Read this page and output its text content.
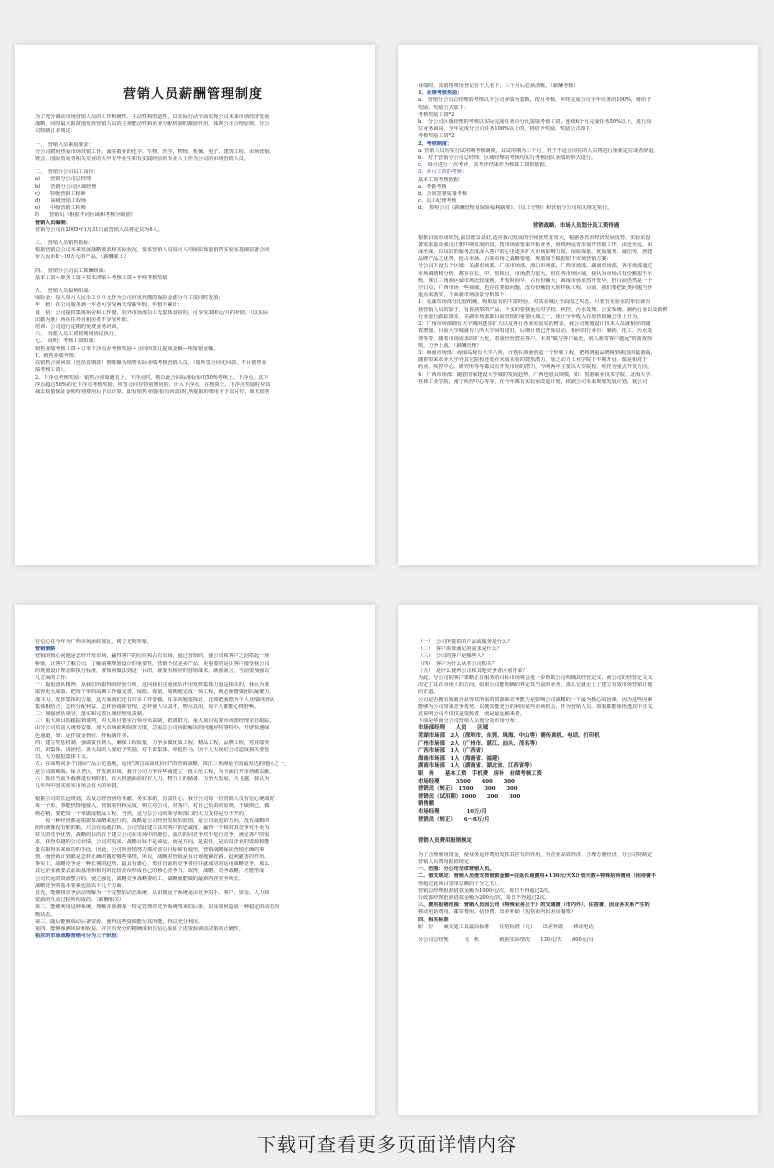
营销人员薪酬管理制度
为了充分调动市场营销人员的工作积极性、主动性和创造性，以实际行动全面实现公司未来市场经济发展
战略，同时最大限度地发挥营销人员的主观能动性和企业分配机制的激励作用，体现公平合理原则，分公
司特制订本规定：
一、　营销人员素质要求：
分公司聘用热爱市场营销工作、诚实敬业的化学、生物、医学、物理、机械、电子、建筑工程、市场营销、
财会、国际贸易等相关专业的大中专毕业生和有实践经验的专业人士作为公司的市场营销人员。
二、　营销分公司员工岗位：
a)　　营销分公司总经理
b)　　营销分公司区域经理
c)　　特级营销工程师
d)　　高级营销工程师
e)　　中级营销工程师
f)　　营销员（根据不同区域和考核分级别）
营销人员编制：
营销分公司在2005年1月31日前营销人员将定员为6人。
三、　营销人员销售指标：
根据营销总公司未来发展战略要求和实际状况，要求营销人员每月人均保质保量销售实验室基础装备合同
价人民币8～10万元的产品。（薪酬职工）
四、　营销分公司员工薪酬组成：
基本工资＋职务工资＋技术津贴＋考核工资＋年终考核奖励
五、　营销人员福利组成：
保险金：每人每月人民币２００元作为公司应该代缴的保险金部分与工资同时发放；
年　假：在公司服务满一年者可享受两天带薪年假，年假不累计；
食　宿：公司提供集体宿舍和工作餐，驻外市场部员工无集体食宿的，可享受300元/月的补助，（以实际
出勤为准）所在住外自租房者不享受补助。
培训：公司进行定期的免费业务培训。
六、　外派人员工资按期用协议执行。
七、　说明：考核工资组成：
销售业绩考核工资＋订单下浮点差考核奖励＋合同的签订提成金额—所报销金额。
1、销售业绩考核：
以销售合同回款（包括首期款）到帐额为销售实际业绩考核营销人员，（如所签合同无回款，不计销售业
绩考核工资）。
2、下浮点考核奖励：销售合同如遇有上、下浮点时，则以此合同标准标价的50%考核上、下浮点，其下
浮点超过50%的无下浮点考核奖励，所签合同有特别费用的，计入下浮点，在核算上、下浮点奖励时应该
减去质量保证金和特别费用后予以计算。即有销售业绩(指有回款)时,所提取的费用才予以兑付，如无销售
业绩时，其销售费用登记在个人名下，三个月后必须清帐。（薪酬考核）
1、业绩考核奖励：
a.　营销分公司总经理的考核以全公司业绩为基数，按月考核，年终完成公司全年任务的100%，将给予
奖励，奖励公式如下：
考核奖励工资*2
b.　分公司区域经理的考核以实际完成任务百分比提取考核工资，连续6个月完成任务50%以上，进行岗
位业务调岗，全年完成分公司任务100%以上的，将给予奖励，奖励公式如下：
考核奖励工资*2
2、考核制度：
a. 营销人员均实行试用期考核制度，其试用期为三个月，对于不适合岗位的人员将进行重新定位或者辞退。
b.　对于营销分公司总经理、区域经理的考核均实行考核团队业绩的形式进行。
c.　每月进行一次考评，其考评结果作为核算工资的依据。
3、本月工资的考核：
基本工资考核依据：
a、考勤考核
b、合同签署质量考核
c、员工纪律考核
d、　参照公司《薪酬管理及保险福利制度》、《员工守则》和营销分公司相关规定执行。
营销战略、市场人员划分及工资待遇
根据目前市场状况,前景愿景良好,适应我司发展的空间优势非常大，根据各省市经济发展优势、实验室设
备需求量及我司正朝中期发展阶段，按市场需要来开拓业务，围绕网运省市展开营销工作，由近至远，由
浅至深，以良好的服务态度深入客户的心里逐步扩大市场影响力度，保质保量、优质服务、诚信等，创建
品牌产品之优势，抢占市场，占领市场之战略要地。规划如下根据如下市场营销方案：
分公司下设五个区域：芜湖市场部、广东市场部、海口市场部、广西市场部、湖南市场部，各市场部通过
市场调研和分析，都存在长、中、短项目，市场潜力很大，但在各市场区域，我认为市场占有份额很不平
衡，珠江三角洲区域市场比较成熟，开发时间早，占有份额大；海南市场虽然开发早，但目前仍然是一个
空白点；广西市场一些领域，也存在类似问题，没有份额较大的样板工程，目前，我们要把此类问题当作
重点来落实，下面就市场前景分析如下：
1：芜湖市场部分比较明确，吸取原有的丰富经验，对其多城区全面围之攻态，只要有实验室的单位就有
我营销人员的影子，有着洞察的产品，下步的要我重点对学校、疾控、污水处理、公安系统、制药行业以及新鲜
行业进行跟踪落实，芜湖市场部即目前营销的重要区域之一，预计全年收入在原营销额公里上升为。
2：广州市场部拥有大学城的逐步扩大以及各行各业实验室的增多，我公司规划设计技术人员就相应的随
着增加，目前大学城就有八所大学同时进驻，后期计划已开始启动，相应的行业有：制药、化工、污水处
理等等，随着市场需求的扩大化，着重经营潜在客户，本着"做与客户最近，别人就寄客户越远"的游戏规
则，力争上游。（薪酬管理）
3：海南市场部：海南岛现有大学八所，计划在海南创造一个形象工程，把将鸿福品牌树到祖国的最南端，
随着带来农业大学外其它院校还处在未成实验的建筑潜力，加之动力工业学院下半期开启，都是相对于
药业、疾控中心、研究所等等都具有开发市场的潜力，今明两年主要以大专院校、疾控为重点开发方向。
4：广西市场部：随着国家建设大学城的发展趋势，广西也很具规模，如：贵港职业技术学院、北海大学、
桂林工业学院、南宁疾控中心等等，在今年都有实验室改造计划，依据公司未来规划发展计划，我公司
有信心在今年为广西市场添砖加瓦，树立光辉形象。
营销策略
营销的核心问题是怎样开发市场，赢得客户的信任和占有市场，通过营销的，使公司和客户之间搭起一座
桥梁，让客户了解公司，了解前期规划设计的重要性。营销不仅是卖产品，更重要的是让客户接受我公司
的规划设计理念和执行标准，要如何做法到这一目的，就要有相应的营销战术，就我而言，当前要加强以
几方面的工作：
一：提倡团队精神，从我们所取得的经验分析，这同我们注重团队作用发挥集体力量是相关的，我认为要
取得更大成绩，把每个单的前期工作做完善，保质、保量、如期地完成一项工程，就必须增强团队凝聚力，
战斗力，发挥集体的力量，这方面我们还有许多工作要做，许多问题要探讨，比如把我德为个人业绩同团队
集体相结合，怎样分配利益，怎样协调和管理，怎样使人尽其才，物尽其用，每个人都能心情舒畅。
二：加强团队领导，落实和完善区域经理负责制。
三：重大项目的跟踪到谈判，对大项目要实行领导负责制，群策群力，重大项目需要市场部经理亲自跟踪，
由分公司负责人统筹安排，加大市场前期调查力度，急需总公司协助解决的问题应特事特办，开辟快速绿
色通道，如：运作资金到位，样板制作等。
四：建立奖惩机制，强调责任到人，确保工程质量，力争多做优质工程，精品工程、品牌工程，对业绩突
出，讲集体、讲团结、讲大局的人要给予奖励，对不讲集体、单枪匹马，因个人失误给公司造成损失要惩
罚，大力提倡集体主义。
五：在深圳同多个国际产品示范基地，运用"鸿昌高质优价仪"的营销战略，珠江三角洲是全国最发达的地区之一，
是公司即期端，保卫老区，开发新市场，我分公司力争在华南建立一批示范工程，为全面打开市场做贡献。
六：抓住当前手载难逢有利时机，在大机遇面前好好人力、物力上的储备，力争大发展、大飞越，我认为
几年内中国实验室市场会有大的举措。
根据公司的长远规划，以及总经营团结本献、务实求新，有责任心，我分公司每一位营销人员有信心统战好
每一个单，事能热情地接入，营销着得称完成，树立对公司，对客户，对自己负责的原则，不做则已，做
则必精，要把每一个单做成精品工程。当然，这与总公司的领导和部门的大力支持是分不开的。
　　每一种经营都是根据某战略来进行的，战略是公司经营发展的蓝图，是公司前进的方向，没有战略的
组织就像没有舵的船，只会在原地打转。公司坚此建立其对客户的忠诚度，赢得一个相对其竞争对手更为
持久的竞争优势，战略的目的在于建立公司在市场中的地位，成功的同竞争对手进行竞争，满足客户的需
求，获得卓越的公司业绩，公司对追求，战略目标不是命运，而是方向，是责任，是动员企业的资源和能
量以取得未来成功的手段，因此，公司所营销努力都应该有目标和有使用，营销战略保证营销正确的事
情，而营销计划就是怎样正确的做好哪些事情，所以，战略对营销是有计划地铺好路，趋利避害的作用。
事实上，战略竞争是一种长期的趋势，最具有雄心，勇往直前的竞争者往往就成功的运用战略竞争，那么
其它企业就要去前面基准和相对的比较差误形成自己的核心竞争力，取得，战略，竞争战略，才能形成
公司长远的资源整合的，使之强化，战略竞争战略要给工，战略就能做的最新内容竞争所长。
战略竞争的基本要素包括以下几个方面：
首先，能够将竞争活动理解为一个完整的动态系统，认识到这个系统是由竞争对手、客户、资金、人力和
资源的互动过程所构成的。（薪酬相关）
第二，能够利用这种系统，理解并预测某一特定管理对竞争系统带来的后果，以及如何造成一种稳定的动态均
衡状态。
第三，随后能够调动后备资源，使得这些资源能尽其所能，得以充分利用。
第四，能够预测风险和收益，并且有充分的精确度和自信心验证上述资源调动决策的正确性。
相应的市场战略营销可分为三个阶段：
（一）　公司所提供的产品或服务是什么？
（二）　客户需要满足的需求是什么？
（三）　公司的客户是哪些人？
（四）　客户为什么从本公司购买？
（五）　是什么使得公司和其他竞争者区别开来？
为此，分公司的客户策略正在服务的目标市场将会进一步帮助公司明确其经营定义，而公司的经营定义又
决定了其在市场上的方向，如果公司能明确的界定其当前的业务，那么它就走上了建立有效市场营销计划
的正道。
公司是否拥有成就否获得其所需的资源和竞争能力是影响公司战略的一个最为核心的因素，因为这些因素
能够为公司带来竞争优势，以便其能充分的利用某些市场机会，作为营销人员，如果都能领悟透其中含义，
这说明公司不仅仅是资源者，而是最运输来者。
下面是华南分公司营销人员划分及市场分布：
市场部经理　　人员　　区域
芜湖市场部　2人（深圳市、东莞、珠海、中山等）需传真机、电话、打印机
广州市场部　2人（广州市、湛江、汕头、茂名等）
广西市场部　1人（广西省）
海南市场部　1人（海南省、福建）
湖南市场部　1人（湖南省、湖北省、江西省等）
职　务　　基本工资　手机费　房补　业绩考核工资
市场经理　　　3500　　400　　300
营销员（转正）　1500　　300　　300
营销员（试用期）1000　　200　　300
销售额
市场经理　　　　　10万/月
营销员（转正）　　6～8万/月
营销人员费用报销规定
为了合理利用资金，使业务运作费用发挥其应有的作用，为企业高效经济、合理方便经济，分公司特制定
营销人员费用报销规定：
一、范围：分公司全体营销人员。
二、借支规定：营销人员借支按借款金额=往返长途费用+130元/天X计划天数+特殊招待费用（招待费不
得超过此项目签单总额的千分之五）。
营销总经理批准借款金额为1000元/次，每日不得超过2次。
行政部经理批准借款金额为200元/次，每日不得超过2次。
三、费用报销范围：营销人员因公司《特殊业务公干》的交通费（市内外）、住宿费、因业务关系产生的
移动电话费用、邮寄费用、招待费、出差补助（包括市内出差误餐费）
四、相关标准
职　位　　乘交通工具最高标准　　住宿标准（元）　　出差补助　　移动电话
分公司总经理　　　飞　机　　　　根据实际情况　　130元/天　　600元/月
下载可查看更多页面详情内容
